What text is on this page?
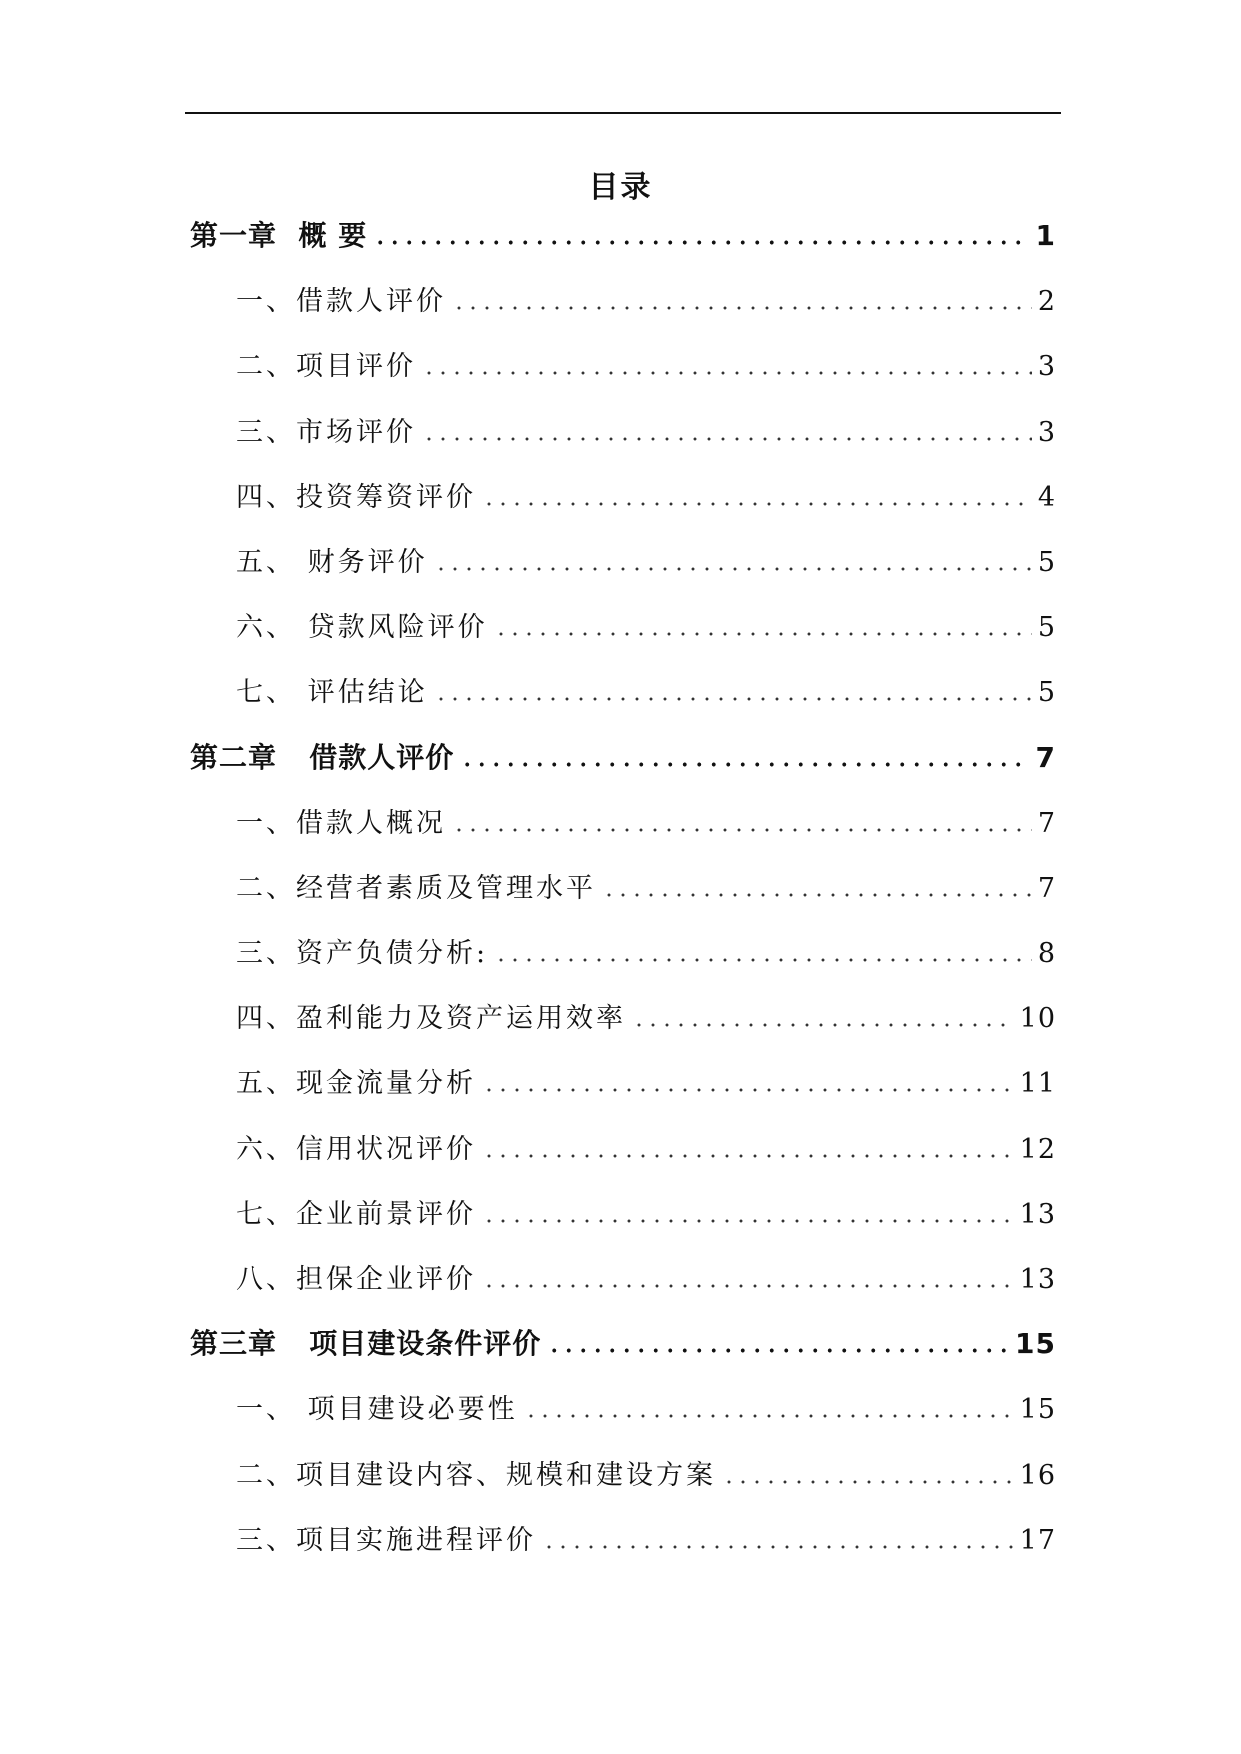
目录
第一章  概 要	1
一、借款人评价	2
二、项目评价	3
三、市场评价	3
四、投资筹资评价	4
五、 财务评价	5
六、 贷款风险评价	5
七、 评估结论	5
第二章   借款人评价	7
一、借款人概况	7
二、经营者素质及管理水平	7
三、资产负债分析:	8
四、盈利能力及资产运用效率	10
五、现金流量分析	11
六、信用状况评价	12
七、企业前景评价	13
八、担保企业评价	13
第三章   项目建设条件评价	15
一、 项目建设必要性	15
二、项目建设内容、规模和建设方案	16
三、项目实施进程评价	17
